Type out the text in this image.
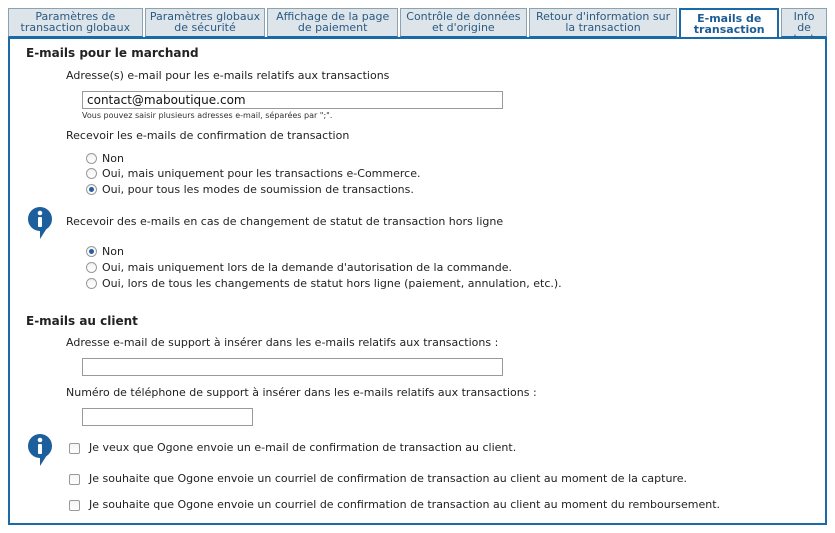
Paramètres de transaction globaux
Paramètres globaux de sécurité
Affichage de la page de paiement
Contrôle de données et d'origine
Retour d'information sur la transaction
E-mails de transaction
Info de
E-mails pour le marchand
Adresse(s) e-mail pour les e-mails relatifs aux transactions
contact@maboutique.com
Vous pouvez saisir plusieurs adresses e-mail, séparées par ";".
Recevoir les e-mails de confirmation de transaction
Non
Oui, mais uniquement pour les transactions e-Commerce.
Oui, pour tous les modes de soumission de transactions.
Recevoir des e-mails en cas de changement de statut de transaction hors ligne
Non
Oui, mais uniquement lors de la demande d'autorisation de la commande.
Oui, lors de tous les changements de statut hors ligne (paiement, annulation, etc.).
E-mails au client
Adresse e-mail de support à insérer dans les e-mails relatifs aux transactions :
Numéro de téléphone de support à insérer dans les e-mails relatifs aux transactions :
Je veux que Ogone envoie un e-mail de confirmation de transaction au client.
Je souhaite que Ogone envoie un courriel de confirmation de transaction au client au moment de la capture.
Je souhaite que Ogone envoie un courriel de confirmation de transaction au client au moment du remboursement.
